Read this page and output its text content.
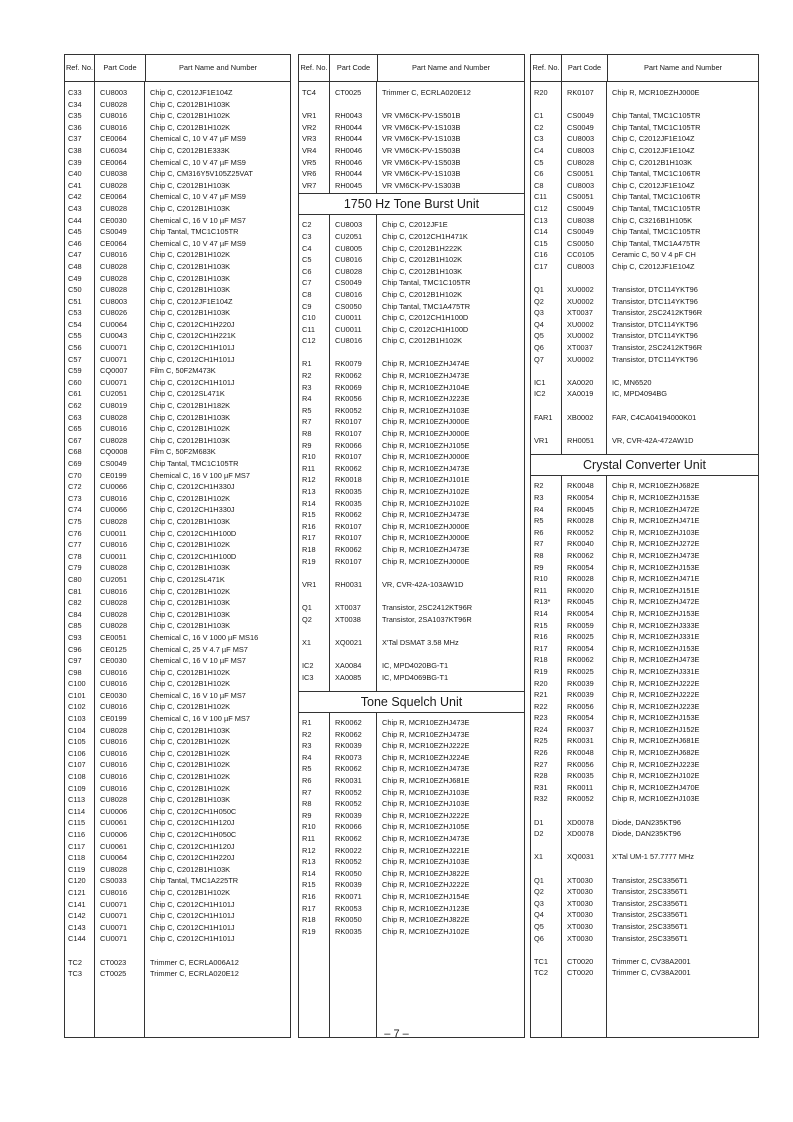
Ref. No.	Part Code	Part Name and Number
C33	CU8003	Chip C, C2012JF1E104Z
C34	CU8028	Chip C, C2012B1H103K
C35	CU8016	Chip C, C2012B1H102K
C36	CU8016	Chip C, C2012B1H102K
C37	CE0064	Chemical C, 10 V 47 µF MS9
C38	CU6034	Chip C, C2012B1E333K
C39	CE0064	Chemical C, 10 V 47 µF MS9
C40	CU8038	Chip C, CM316Y5V105Z25VAT
C41	CU8028	Chip C, C2012B1H103K
C42	CE0064	Chemical C, 10 V 47 µF MS9
C43	CU8028	Chip C, C2012B1H103K
C44	CE0030	Chemical C, 16 V 10 µF MS7
C45	CS0049	Chip Tantal, TMC1C105TR
C46	CE0064	Chemical C, 10 V 47 µF MS9
C47	CU8016	Chip C, C2012B1H102K
C48	CU8028	Chip C, C2012B1H103K
C49	CU8028	Chip C, C2012B1H103K
C50	CU8028	Chip C, C2012B1H103K
C51	CU8003	Chip C, C2012JF1E104Z
C53	CU8026	Chip C, C2012B1H103K
C54	CU0064	Chip C, C2012CH1H220J
C55	CU0043	Chip C, C2012CH1H221K
C56	CU0071	Chip C, C2012CH1H101J
C57	CU0071	Chip C, C2012CH1H101J
C59	CQ0007	Film C, 50F2M473K
C60	CU0071	Chip C, C2012CH1H101J
C61	CU2051	Chip C, C2012SL471K
C62	CU8019	Chip C, C2012B1H182K
C63	CU8028	Chip C, C2012B1H103K
C65	CU8016	Chip C, C2012B1H102K
C67	CU8028	Chip C, C2012B1H103K
C68	CQ0008	Film C, 50F2M683K
C69	CS0049	Chip Tantal, TMC1C105TR
C70	CE0199	Chemical C, 16 V 100 µF MS7
C72	CU0066	Chip C, C2012CH1H330J
C73	CU8016	Chip C, C2012B1H102K
C74	CU0066	Chip C, C2012CH1H330J
C75	CU8028	Chip C, C2012B1H103K
C76	CU0011	Chip C, C2012CH1H100D
C77	CU8016	Chip C, C2012B1H102K
C78	CU0011	Chip C, C2012CH1H100D
C79	CU8028	Chip C, C2012B1H103K
C80	CU2051	Chip C, C2012SL471K
C81	CU8016	Chip C, C2012B1H102K
C82	CU8028	Chip C, C2012B1H103K
C84	CU8028	Chip C, C2012B1H103K
C85	CU8028	Chip C, C2012B1H103K
C93	CE0051	Chemical C, 16 V 1000 µF MS16
C96	CE0125	Chemical C, 25 V 4.7 µF MS7
C97	CE0030	Chemical C, 16 V 10 µF MS7
C98	CU8016	Chip C, C2012B1H102K
C100	CU8016	Chip C, C2012B1H102K
C101	CE0030	Chemical C, 16 V 10 µF MS7
C102	CU8016	Chip C, C2012B1H102K
C103	CE0199	Chemical C, 16 V 100 µF MS7
C104	CU8028	Chip C, C2012B1H103K
C105	CU8016	Chip C, C2012B1H102K
C106	CU8016	Chip C, C2012B1H102K
C107	CU8016	Chip C, C2012B1H102K
C108	CU8016	Chip C, C2012B1H102K
C109	CU8016	Chip C, C2012B1H102K
C113	CU8028	Chip C, C2012B1H103K
C114	CU0006	Chip C, C2012CH1H050C
C115	CU0061	Chip C, C2012CH1H120J
C116	CU0006	Chip C, C2012CH1H050C
C117	CU0061	Chip C, C2012CH1H120J
C118	CU0064	Chip C, C2012CH1H220J
C119	CU8028	Chip C, C2012B1H103K
C120	CS0033	Chip Tantal, TMC1A225TR
C121	CU8016	Chip C, C2012B1H102K
C141	CU0071	Chip C, C2012CH1H101J
C142	CU0071	Chip C, C2012CH1H101J
C143	CU0071	Chip C, C2012CH1H101J
C144	CU0071	Chip C, C2012CH1H101J
TC2	CT0023	Trimmer C, ECRLA006A12
TC3	CT0025	Trimmer C, ECRLA020E12
Ref. No.	Part Code	Part Name and Number
TC4	CT0025	Trimmer C, ECRLA020E12
VR1	RH0043	VR VM6CK-PV-1S501B
VR2	RH0044	VR VM6CK-PV-1S103B
VR3	RH0044	VR VM6CK-PV-1S103B
VR4	RH0046	VR VM6CK-PV-1S503B
VR5	RH0046	VR VM6CK-PV-1S503B
VR6	RH0044	VR VM6CK-PV-1S103B
VR7	RH0045	VR VM6CK-PV-1S303B
1750 Hz Tone Burst Unit
C2	CU8003	Chip C, C2012JF1E
C3	CU2051	Chip C, C2012CH1H471K
C4	CU8005	Chip C, C2012B1H222K
C5	CU8016	Chip C, C2012B1H102K
C6	CU8028	Chip C, C2012B1H103K
C7	CS0049	Chip Tantal, TMC1C105TR
C8	CU8016	Chip C, C2012B1H102K
C9	CS0050	Chip Tantal, TMC1A475TR
C10	CU0011	Chip C, C2012CH1H100D
C11	CU0011	Chip C, C2012CH1H100D
C12	CU8016	Chip C, C2012B1H102K
R1	RK0079	Chip R, MCR10EZHJ474E
R2	RK0062	Chip R, MCR10EZHJ473E
R3	RK0069	Chip R, MCR10EZHJ104E
R4	RK0056	Chip R, MCR10EZHJ223E
R5	RK0052	Chip R, MCR10EZHJ103E
R7	RK0107	Chip R, MCR10EZHJ000E
R8	RK0107	Chip R, MCR10EZHJ000E
R9	RK0066	Chip R, MCR10EZHJ105E
R10	RK0107	Chip R, MCR10EZHJ000E
R11	RK0062	Chip R, MCR10EZHJ473E
R12	RK0018	Chip R, MCR10EZHJ101E
R13	RK0035	Chip R, MCR10EZHJ102E
R14	RK0035	Chip R, MCR10EZHJ102E
R15	RK0062	Chip R, MCR10EZHJ473E
R16	RK0107	Chip R, MCR10EZHJ000E
R17	RK0107	Chip R, MCR10EZHJ000E
R18	RK0062	Chip R, MCR10EZHJ473E
R19	RK0107	Chip R, MCR10EZHJ000E
VR1	RH0031	VR, CVR-42A-103AW1D
Q1	XT0037	Transistor, 2SC2412KT96R
Q2	XT0038	Transistor, 2SA1037KT96R
X1	XQ0021	X'Tal DSMAT 3.58 MHz
IC2	XA0084	IC, MPD4020BG-T1
IC3	XA0085	IC, MPD4069BG-T1
Tone Squelch Unit
R1	RK0062	Chip R, MCR10EZHJ473E
R2	RK0062	Chip R, MCR10EZHJ473E
R3	RK0039	Chip R, MCR10EZHJ222E
R4	RK0073	Chip R, MCR10EZHJ224E
R5	RK0062	Chip R, MCR10EZHJ473E
R6	RK0031	Chip R, MCR10EZHJ681E
R7	RK0052	Chip R, MCR10EZHJ103E
R8	RK0052	Chip R, MCR10EZHJ103E
R9	RK0039	Chip R, MCR10EZHJ222E
R10	RK0066	Chip R, MCR10EZHJ105E
R11	RK0062	Chip R, MCR10EZHJ473E
R12	RK0022	Chip R, MCR10EZHJ221E
R13	RK0052	Chip R, MCR10EZHJ103E
R14	RK0050	Chip R, MCR10EZHJ822E
R15	RK0039	Chip R, MCR10EZHJ222E
R16	RK0071	Chip R, MCR10EZHJ154E
R17	RK0053	Chip R, MCR10EZHJ123E
R18	RK0050	Chip R, MCR10EZHJ822E
R19	RK0035	Chip R, MCR10EZHJ102E
Ref. No.	Part Code	Part Name and Number
R20	RK0107	Chip R, MCR10EZHJ000E
C1	CS0049	Chip Tantal, TMC1C105TR
C2	CS0049	Chip Tantal, TMC1C105TR
C3	CU8003	Chip C, C2012JF1E104Z
C4	CU8003	Chip C, C2012JF1E104Z
C5	CU8028	Chip C, C2012B1H103K
C6	CS0051	Chip Tantal, TMC1C106TR
C8	CU8003	Chip C, C2012JF1E104Z
C11	CS0051	Chip Tantal, TMC1C106TR
C12	CS0049	Chip Tantal, TMC1C105TR
C13	CU8038	Chip C, C3216B1H105K
C14	CS0049	Chip Tantal, TMC1C105TR
C15	CS0050	Chip Tantal, TMC1A475TR
C16	CC0105	Ceramic C, 50 V 4 pF CH
C17	CU8003	Chip C, C2012JF1E104Z
Q1	XU0002	Transistor, DTC114YKT96
Q2	XU0002	Transistor, DTC114YKT96
Q3	XT0037	Transistor, 2SC2412KT96R
Q4	XU0002	Transistor, DTC114YKT96
Q5	XU0002	Transistor, DTC114YKT96
Q6	XT0037	Transistor, 2SC2412KT96R
Q7	XU0002	Transistor, DTC114YKT96
IC1	XA0020	IC, MN6520
IC2	XA0019	IC, MPD4094BG
FAR1	XB0002	FAR, C4CA04194000K01
VR1	RH0051	VR, CVR-42A-472AW1D
Crystal Converter Unit
R2	RK0048	Chip R, MCR10EZHJ682E
R3	RK0054	Chip R, MCR10EZHJ153E
R4	RK0045	Chip R, MCR10EZHJ472E
R5	RK0028	Chip R, MCR10EZHJ471E
R6	RK0052	Chip R, MCR10EZHJ103E
R7	RK0040	Chip R, MCR10EZHJ272E
R8	RK0062	Chip R, MCR10EZHJ473E
R9	RK0054	Chip R, MCR10EZHJ153E
R10	RK0028	Chip R, MCR10EZHJ471E
R11	RK0020	Chip R, MCR10EZHJ151E
R13*	RK0045	Chip R, MCR10EZHJ472E
R14	RK0054	Chip R, MCR10EZHJ153E
R15	RK0059	Chip R, MCR10EZHJ333E
R16	RK0025	Chip R, MCR10EZHJ331E
R17	RK0054	Chip R, MCR10EZHJ153E
R18	RK0062	Chip R, MCR10EZHJ473E
R19	RK0025	Chip R, MCR10EZHJ331E
R20	RK0039	Chip R, MCR10EZHJ222E
R21	RK0039	Chip R, MCR10EZHJ222E
R22	RK0056	Chip R, MCR10EZHJ223E
R23	RK0054	Chip R, MCR10EZHJ153E
R24	RK0037	Chip R, MCR10EZHJ152E
R25	RK0031	Chip R, MCR10EZHJ681E
R26	RK0048	Chip R, MCR10EZHJ682E
R27	RK0056	Chip R, MCR10EZHJ223E
R28	RK0035	Chip R, MCR10EZHJ102E
R31	RK0011	Chip R, MCR10EZHJ470E
R32	RK0052	Chip R, MCR10EZHJ103E
D1	XD0078	Diode, DAN235KT96
D2	XD0078	Diode, DAN235KT96
X1	XQ0031	X'Tal UM-1 57.7777 MHz
Q1	XT0030	Transistor, 2SC3356T1
Q2	XT0030	Transistor, 2SC3356T1
Q3	XT0030	Transistor, 2SC3356T1
Q4	XT0030	Transistor, 2SC3356T1
Q5	XT0030	Transistor, 2SC3356T1
Q6	XT0030	Transistor, 2SC3356T1
TC1	CT0020	Trimmer C, CV38A2001
TC2	CT0020	Trimmer C, CV38A2001
– 7 –
